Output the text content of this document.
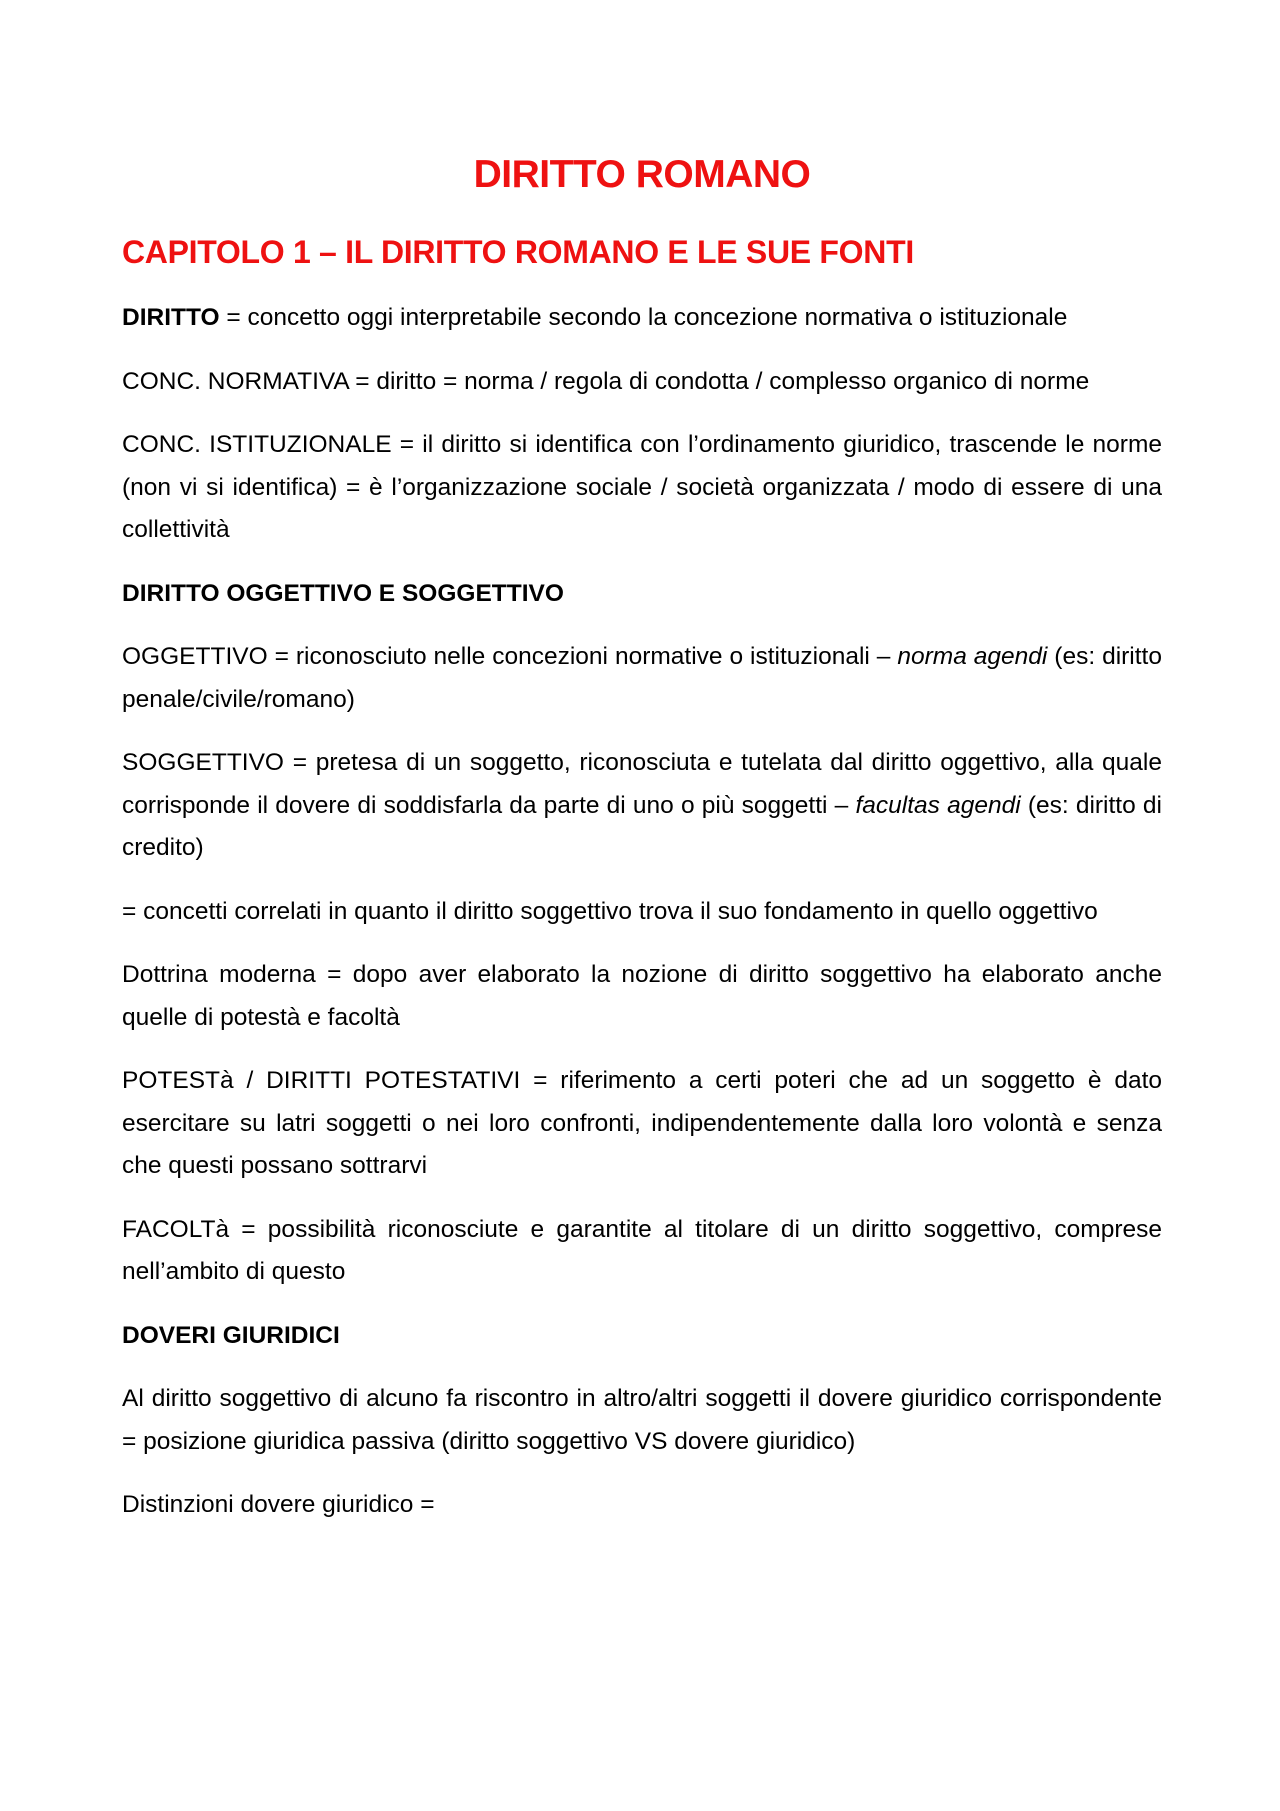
DIRITTO ROMANO
CAPITOLO 1 – IL DIRITTO ROMANO E LE SUE FONTI
DIRITTO = concetto oggi interpretabile secondo la concezione normativa o istituzionale
CONC. NORMATIVA = diritto = norma / regola di condotta / complesso organico di norme
CONC. ISTITUZIONALE = il diritto si identifica con l’ordinamento giuridico, trascende le norme (non vi si identifica) = è l’organizzazione sociale / società organizzata / modo di essere di una collettività
DIRITTO OGGETTIVO E SOGGETTIVO
OGGETTIVO = riconosciuto nelle concezioni normative o istituzionali – norma agendi (es: diritto penale/civile/romano)
SOGGETTIVO = pretesa di un soggetto, riconosciuta e tutelata dal diritto oggettivo, alla quale corrisponde il dovere di soddisfarla da parte di uno o più soggetti – facultas agendi (es: diritto di credito)
= concetti correlati in quanto il diritto soggettivo trova il suo fondamento in quello oggettivo
Dottrina moderna = dopo aver elaborato la nozione di diritto soggettivo ha elaborato anche quelle di potestà e facoltà
POTESTà / DIRITTI POTESTATIVI = riferimento a certi poteri che ad un soggetto è dato esercitare su latri soggetti o nei loro confronti, indipendentemente dalla loro volontà e senza che questi possano sottrarvi
FACOLTà = possibilità riconosciute e garantite al titolare di un diritto soggettivo, comprese nell’ambito di questo
DOVERI GIURIDICI
Al diritto soggettivo di alcuno fa riscontro in altro/altri soggetti il dovere giuridico corrispondente = posizione giuridica passiva (diritto soggettivo VS dovere giuridico)
Distinzioni dovere giuridico =
